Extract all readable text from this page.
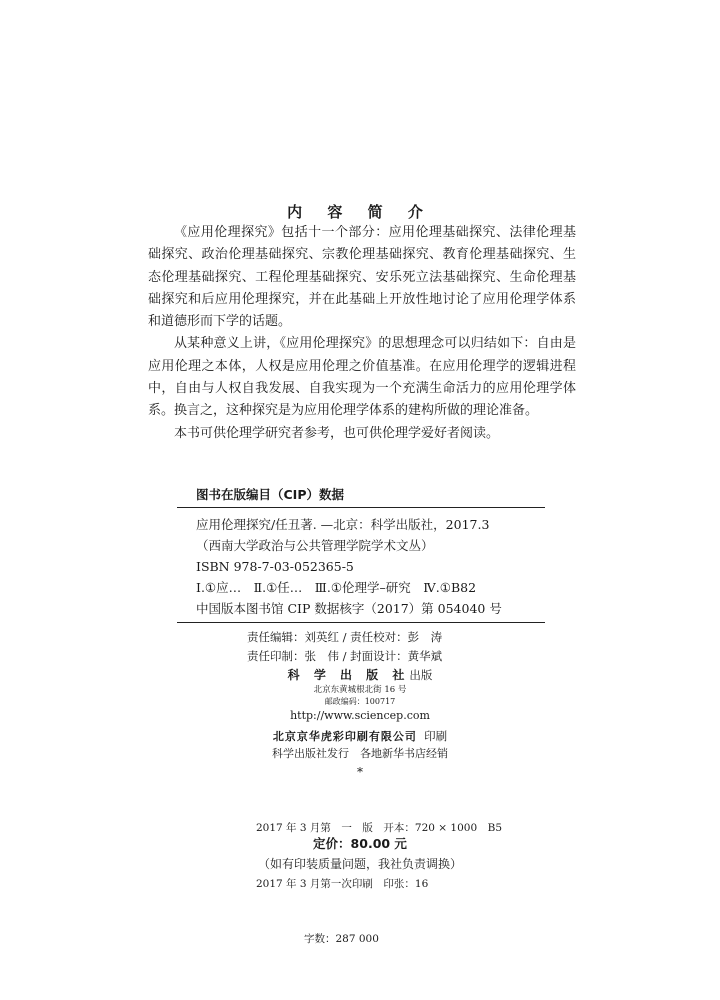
内 容 简 介

《应用伦理探究》包括十一个部分：应用伦理基础探究、法律伦理基础探究、政治伦理基础探究、宗教伦理基础探究、教育伦理基础探究、生态伦理基础探究、工程伦理基础探究、安乐死立法基础探究、生命伦理基础探究和后应用伦理探究，并在此基础上开放性地讨论了应用伦理学体系和道德形而下学的话题。

从某种意义上讲，《应用伦理探究》的思想理念可以归结如下：自由是应用伦理之本体，人权是应用伦理之价值基准。在应用伦理学的逻辑进程中，自由与人权自我发展、自我实现为一个充满生命活力的应用伦理学体系。换言之，这种探究是为应用伦理学体系的建构所做的理论准备。

本书可供伦理学研究者参考，也可供伦理学爱好者阅读。

图书在版编目（CIP）数据
应用伦理探究/任丑著. —北京：科学出版社，2017.3
（西南大学政治与公共管理学院学术文丛）
ISBN 978-7-03-052365-5
Ⅰ.①应…　Ⅱ.①任…　Ⅲ.①伦理学–研究　Ⅳ.①B82
中国版本图书馆 CIP 数据核字（2017）第 054040 号
责任编辑：刘英红 / 责任校对：彭　涛
责任印制：张　伟 / 封面设计：黄华斌
科 学 出 版 社出版
北京东黄城根北街 16 号
邮政编码：100717
http://www.sciencep.com
北京京华虎彩印刷有限公司 印刷
科学出版社发行　各地新华书店经销
*

2017 年 3 月第　一　版　开本：720 × 1000　B5

2017 年 3 月第一次印刷　印张：16

字数：287 000

定价：80.00 元
（如有印装质量问题，我社负责调换）
